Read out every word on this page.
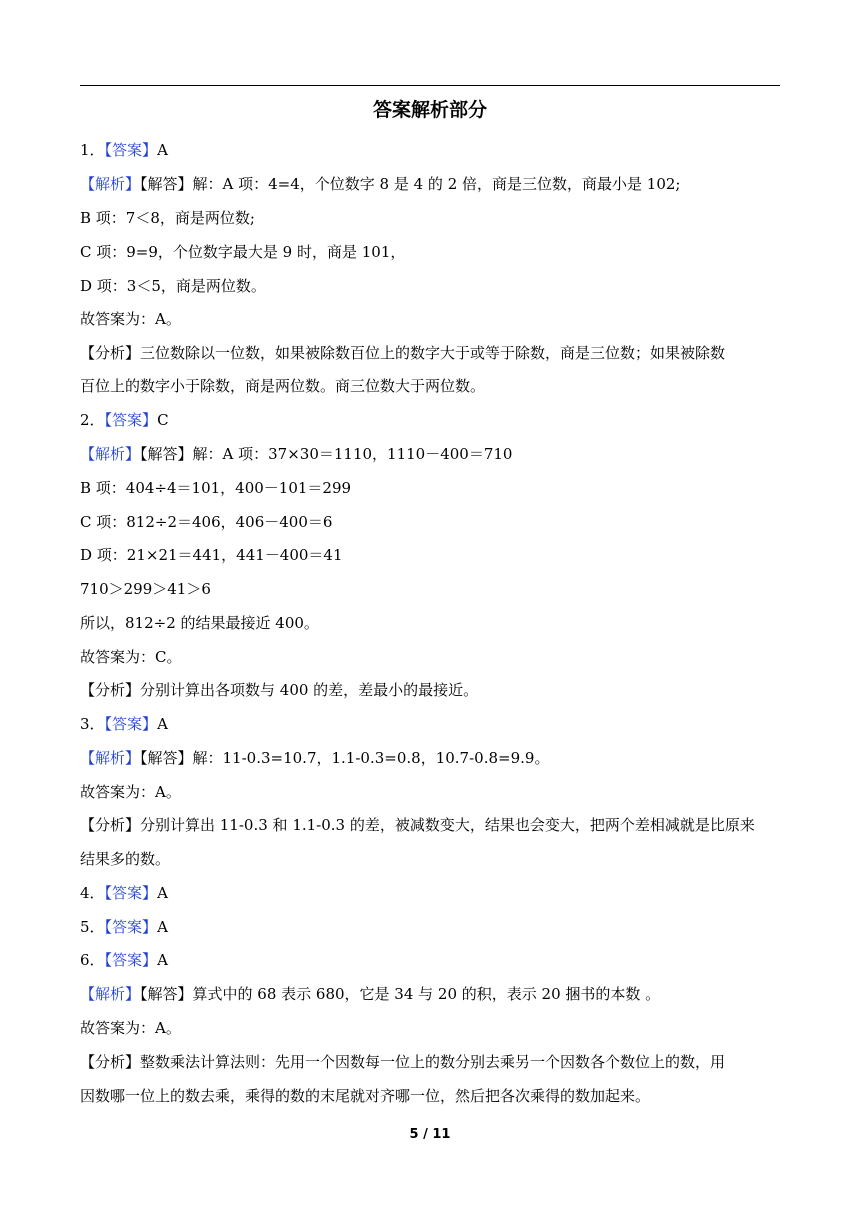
答案解析部分
1．【答案】A
【解析】【解答】解：A 项：4=4，个位数字 8 是 4 的 2 倍，商是三位数，商最小是 102;
B 项：7＜8，商是两位数;
C 项：9=9，个位数字最大是 9 时，商是 101，
D 项：3＜5，商是两位数。
故答案为：A。
【分析】三位数除以一位数，如果被除数百位上的数字大于或等于除数，商是三位数；如果被除数
百位上的数字小于除数，商是两位数。商三位数大于两位数。
2．【答案】C
【解析】【解答】解：A 项：37×30＝1110，1110－400＝710
B 项：404÷4＝101，400－101＝299
C 项：812÷2＝406，406－400＝6
D 项：21×21＝441，441－400＝41
710＞299＞41＞6
所以，812÷2 的结果最接近 400。
故答案为：C。
【分析】分别计算出各项数与 400 的差，差最小的最接近。
3．【答案】A
【解析】【解答】解：11-0.3=10.7，1.1-0.3=0.8，10.7-0.8=9.9。
故答案为：A。
【分析】分别计算出 11-0.3 和 1.1-0.3 的差，被减数变大，结果也会变大，把两个差相减就是比原来
结果多的数。
4．【答案】A
5．【答案】A
6．【答案】A
【解析】【解答】算式中的 68 表示 680，它是 34 与 20 的积，表示 20 捆书的本数 。
故答案为：A。
【分析】整数乘法计算法则：先用一个因数每一位上的数分别去乘另一个因数各个数位上的数，用
因数哪一位上的数去乘，乘得的数的末尾就对齐哪一位，然后把各次乘得的数加起来。
5 / 11
